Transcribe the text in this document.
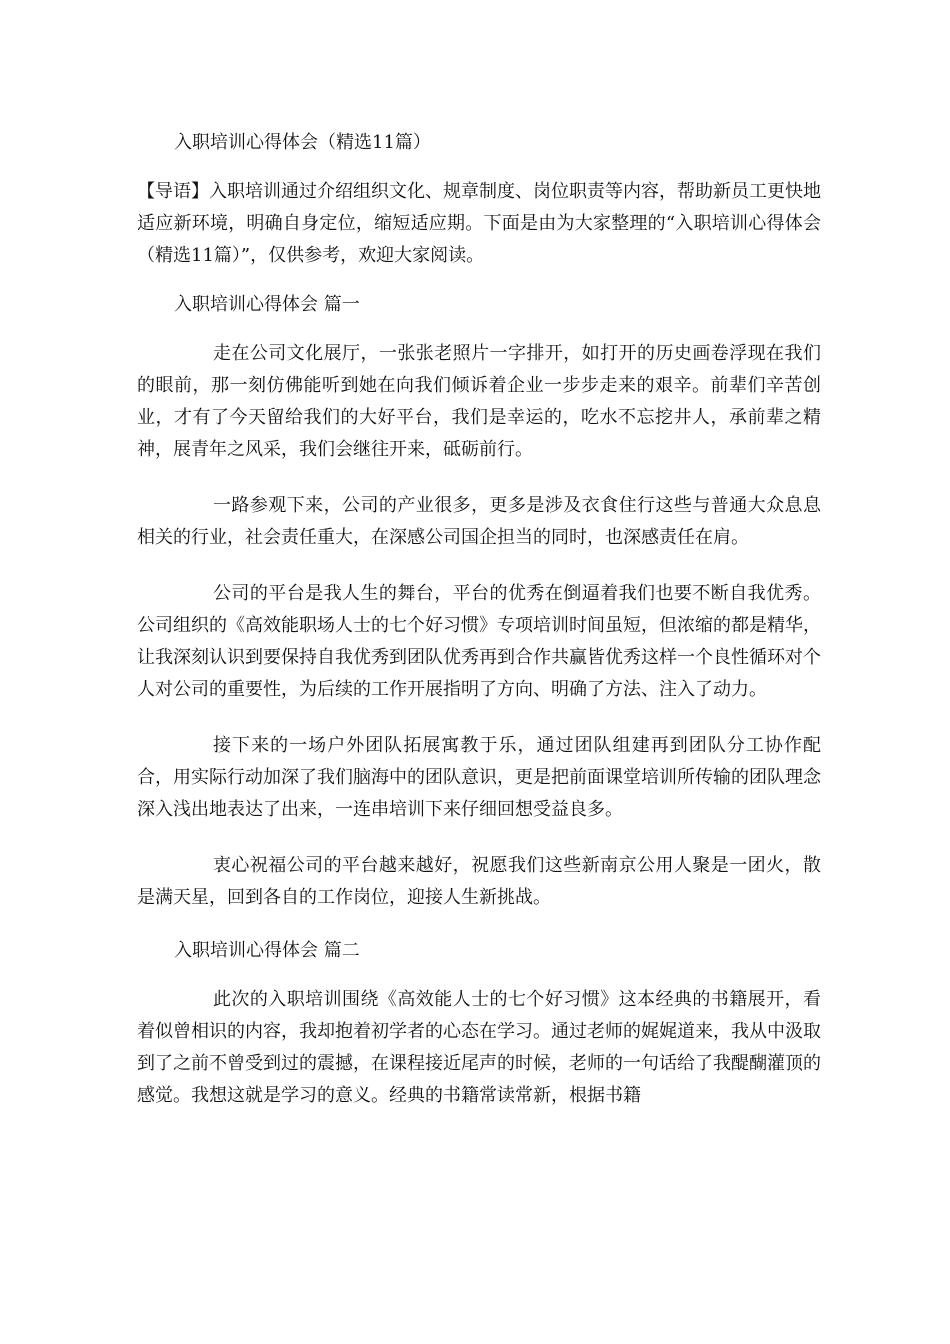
入职培训心得体会（精选11篇）

【导语】入职培训通过介绍组织文化、规章制度、岗位职责等内容，帮助新员工更快地适应新环境，明确自身定位，缩短适应期。下面是由为大家整理的“入职培训心得体会（精选11篇）”，仅供参考，欢迎大家阅读。

入职培训心得体会 篇一

走在公司文化展厅，一张张老照片一字排开，如打开的历史画卷浮现在我们的眼前，那一刻仿佛能听到她在向我们倾诉着企业一步步走来的艰辛。前辈们辛苦创业，才有了今天留给我们的大好平台，我们是幸运的，吃水不忘挖井人，承前辈之精神，展青年之风采，我们会继往开来，砥砺前行。

一路参观下来，公司的产业很多，更多是涉及衣食住行这些与普通大众息息相关的行业，社会责任重大，在深感公司国企担当的同时，也深感责任在肩。

公司的平台是我人生的舞台，平台的优秀在倒逼着我们也要不断自我优秀。公司组织的《高效能职场人士的七个好习惯》专项培训时间虽短，但浓缩的都是精华，让我深刻认识到要保持自我优秀到团队优秀再到合作共赢皆优秀这样一个良性循环对个人对公司的重要性，为后续的工作开展指明了方向、明确了方法、注入了动力。

接下来的一场户外团队拓展寓教于乐，通过团队组建再到团队分工协作配合，用实际行动加深了我们脑海中的团队意识，更是把前面课堂培训所传输的团队理念深入浅出地表达了出来，一连串培训下来仔细回想受益良多。

衷心祝福公司的平台越来越好，祝愿我们这些新南京公用人聚是一团火，散是满天星，回到各自的工作岗位，迎接人生新挑战。

入职培训心得体会 篇二

此次的入职培训围绕《高效能人士的七个好习惯》这本经典的书籍展开，看着似曾相识的内容，我却抱着初学者的心态在学习。通过老师的娓娓道来，我从中汲取到了之前不曾受到过的震撼，在课程接近尾声的时候，老师的一句话给了我醍醐灌顶的感觉。我想这就是学习的意义。经典的书籍常读常新，根据书籍
